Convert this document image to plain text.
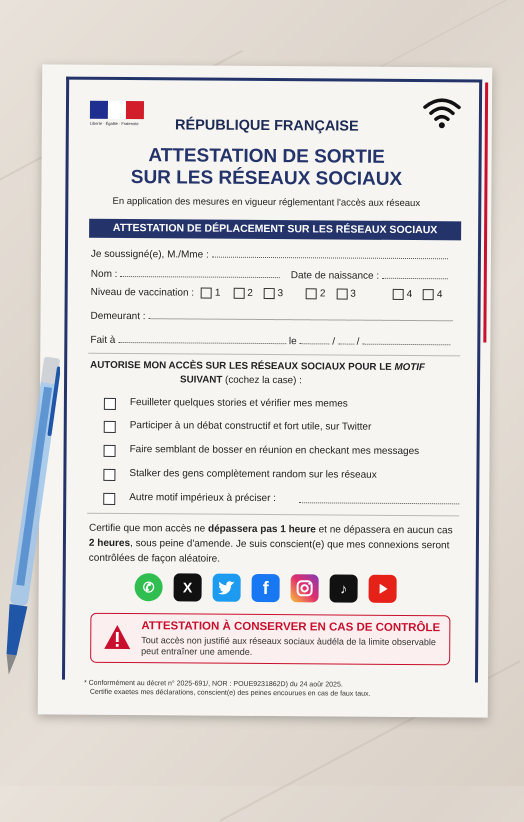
Liberté · Égalité · Fraternité	RÉPUBLIQUE FRANÇAISE
ATTESTATION DE SORTIE
SUR LES RÉSEAUX SOCIAUX
En application des mesures en vigueur réglementant l'accès aux réseaux
ATTESTATION DE DÉPLACEMENT SUR LES RÉSEAUX SOCIAUX
Je soussigné(e), M./Mme :
Nom :	Date de naissance :
Niveau de vaccination : 1	2 3	2 3	4 4
Demeurant :
Fait à	le	/ /
AUTORISE MON ACCÈS SUR LES RÉSEAUX SOCIAUX POUR LE MOTIF
SUIVANT (cochez la case) :
Feuilleter quelques stories et vérifier mes memes
Participer à un débat constructif et fort utile, sur Twitter
Faire semblant de bosser en réunion en checkant mes messages
Stalker des gens complètement random sur les réseaux
Autre motif impérieux à préciser :
Certifie que mon accès ne dépassera pas 1 heure et ne dépassera en aucun cas 2 heures, sous peine d'amende. Je suis conscient(e) que mes connexions seront contrôlées de façon aléatoire.
✆	X	f	♪
ATTESTATION À CONSERVER EN CAS DE CONTRÔLE
Tout accès non justifié aux réseaux sociaux àudéla de la limite observable peut entraîner une amende.
* Conformément au décret n° 2025-691/, NOR : POUE9231862D) du 24 aoûr 2025.
Certifie exaetes mes déclarations, conscient(e) des peines encourues en cas de faux taux.
